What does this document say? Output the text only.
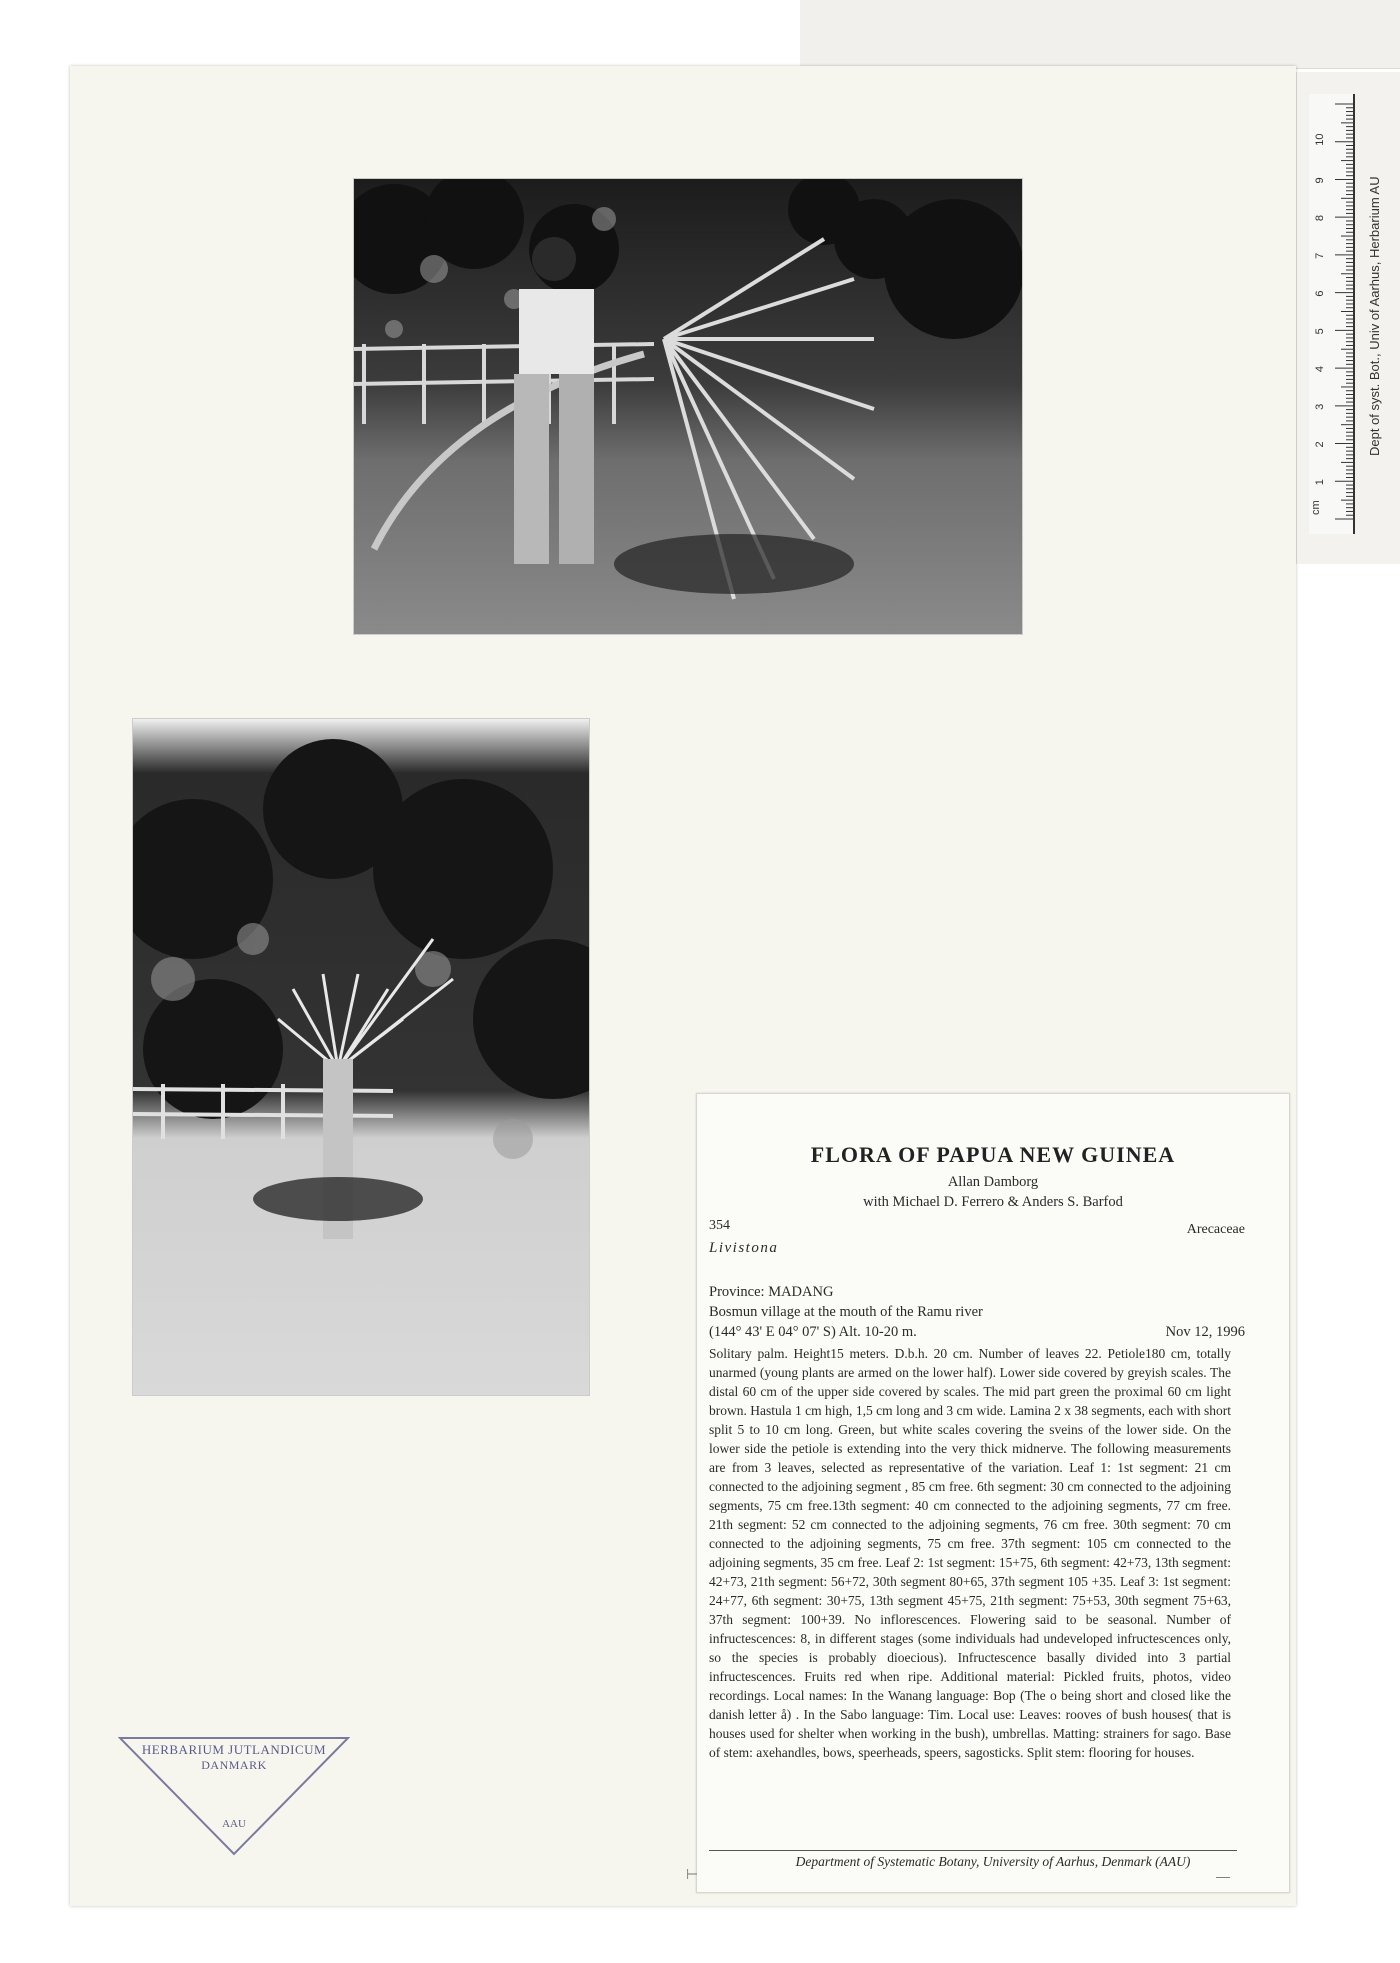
cm
1
2
3
4
5
6
7
8
9
10
Dept of syst. Bot., Univ of Aarhus, Herbarium AU
FLORA OF PAPUA NEW GUINEA
Allan Damborg
with Michael D. Ferrero & Anders S. Barfod
354	Arecaceae
Livistona
Province: MADANG
Bosmun village at the mouth of the Ramu river
(144° 43' E 04° 07' S) Alt. 10-20 m.	Nov 12, 1996

Solitary palm. Height15 meters. D.b.h. 20 cm. Number of leaves 22. Petiole180 cm, totally unarmed (young plants are armed on the lower half). Lower side covered by greyish scales. The distal 60 cm of the upper side covered by scales. The mid part green the proximal 60 cm light brown. Hastula 1 cm high, 1,5 cm long and 3 cm wide. Lamina 2 x 38 segments, each with short split 5 to 10 cm long. Green, but white scales covering the sveins of the lower side. On the lower side the petiole is extending into the very thick midnerve. The following measurements are from 3 leaves, selected as representative of the variation. Leaf 1: 1st segment: 21 cm connected to the adjoining segment , 85 cm free. 6th segment: 30 cm connected to the adjoining segments, 75 cm free.13th segment: 40 cm connected to the adjoining segments, 77 cm free. 21th segment: 52 cm connected to the adjoining segments, 76 cm free. 30th segment: 70 cm connected to the adjoining segments, 75 cm free. 37th segment: 105 cm connected to the adjoining segments, 35 cm free. Leaf 2: 1st segment: 15+75, 6th segment: 42+73, 13th segment: 42+73, 21th segment: 56+72, 30th segment 80+65, 37th segment 105 +35. Leaf 3: 1st segment: 24+77, 6th segment: 30+75, 13th segment 45+75, 21th segment: 75+53, 30th segment 75+63, 37th segment: 100+39. No inflorescences. Flowering said to be seasonal. Number of infructescences: 8, in different stages (some individuals had undeveloped infructescences only, so the species is probably dioecious). Infructescence basally divided into 3 partial infructescences. Fruits red when ripe. Additional material: Pickled fruits, photos, video recordings. Local names: In the Wanang language: Bop (The o being short and closed like the danish letter å) . In the Sabo language: Tim. Local use: Leaves: rooves of bush houses( that is houses used for shelter when working in the bush), umbrellas. Matting: strainers for sago. Base of stem: axehandles, bows, speerheads, speers, sagosticks. Split stem: flooring for houses.

Department of Systematic Botany, University of Aarhus, Denmark (AAU)
HERBARIUM JUTLANDICUM
DANMARK
AAU
⊢	—
